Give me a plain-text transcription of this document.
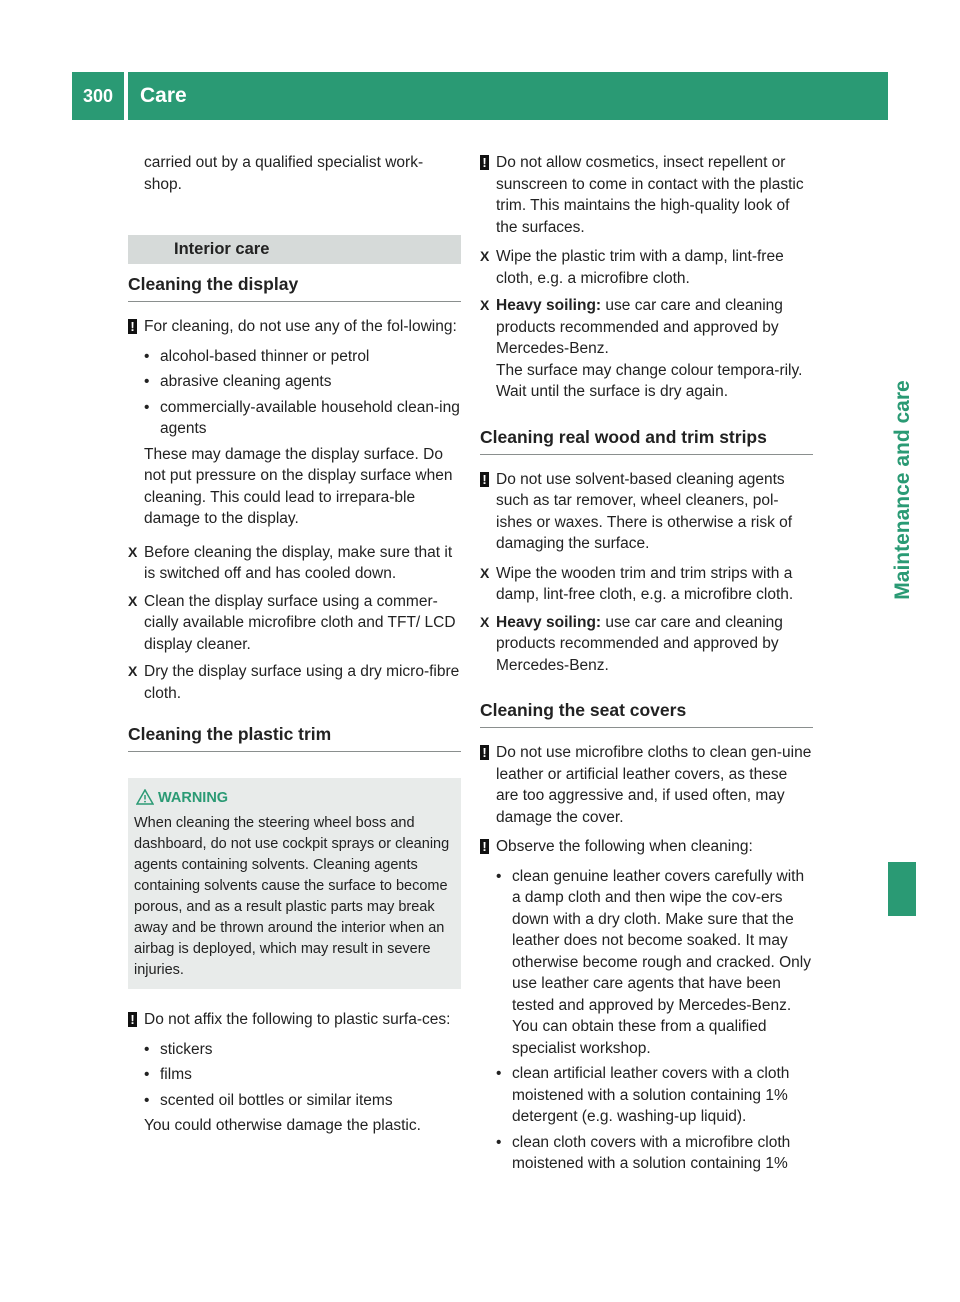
300	Care
Maintenance and care

carried out by a qualified specialist work-shop.

Interior care
Cleaning the display
! For cleaning, do not use any of the fol-lowing:
• alcohol-based thinner or petrol
• abrasive cleaning agents
• commercially-available household clean-ing agents

These may damage the display surface. Do not put pressure on the display surface when cleaning. This could lead to irrepara-ble damage to the display.

X Before cleaning the display, make sure that it is switched off and has cooled down.
X Clean the display surface using a commer-cially available microfibre cloth and TFT/ LCD display cleaner.
X Dry the display surface using a dry micro-fibre cloth.
Cleaning the plastic trim
WARNING
When cleaning the steering wheel boss and dashboard, do not use cockpit sprays or cleaning agents containing solvents. Cleaning agents containing solvents cause the surface to become porous, and as a result plastic parts may break away and be thrown around the interior when an airbag is deployed, which may result in severe injuries.
! Do not affix the following to plastic surfa-ces:
• stickers
• films
• scented oil bottles or similar items

You could otherwise damage the plastic.

! Do not allow cosmetics, insect repellent or sunscreen to come in contact with the plastic trim. This maintains the high-quality look of the surfaces.
X Wipe the plastic trim with a damp, lint-free cloth, e.g. a microfibre cloth.
X Heavy soiling: use car care and cleaning products recommended and approved by Mercedes-Benz.
The surface may change colour tempora-rily. Wait until the surface is dry again.
Cleaning real wood and trim strips
! Do not use solvent-based cleaning agents such as tar remover, wheel cleaners, pol-ishes or waxes. There is otherwise a risk of damaging the surface.
X Wipe the wooden trim and trim strips with a damp, lint-free cloth, e.g. a microfibre cloth.
X Heavy soiling: use car care and cleaning products recommended and approved by Mercedes-Benz.
Cleaning the seat covers
! Do not use microfibre cloths to clean gen-uine leather or artificial leather covers, as these are too aggressive and, if used often, may damage the cover.
! Observe the following when cleaning:
• clean genuine leather covers carefully with a damp cloth and then wipe the cov-ers down with a dry cloth. Make sure that the leather does not become soaked. It may otherwise become rough and cracked. Only use leather care agents that have been tested and approved by Mercedes-Benz. You can obtain these from a qualified specialist workshop.
• clean artificial leather covers with a cloth moistened with a solution containing 1% detergent (e.g. washing-up liquid).
• clean cloth covers with a microfibre cloth moistened with a solution containing 1%
